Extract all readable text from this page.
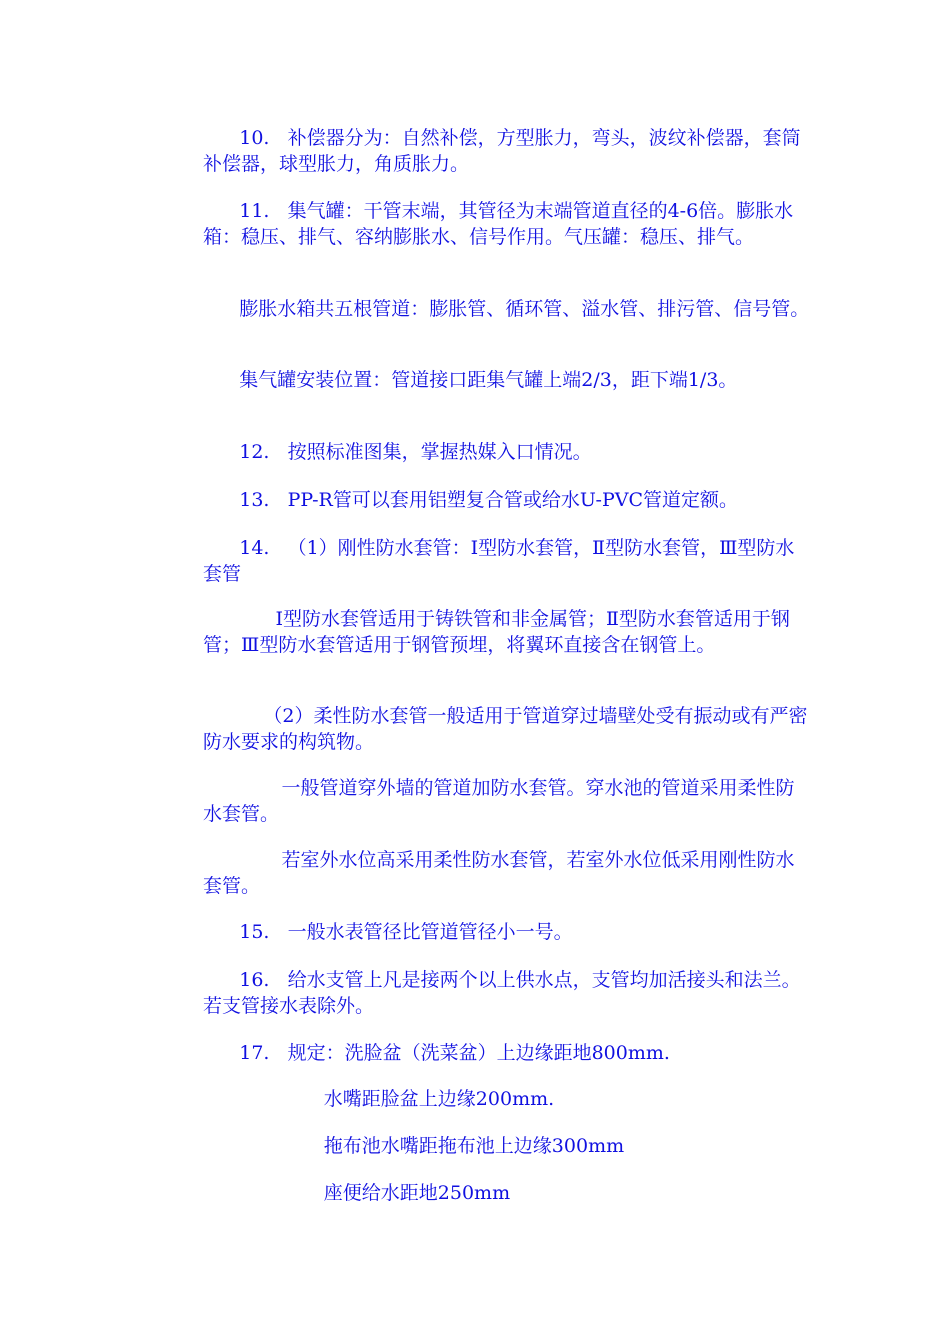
10.   补偿器分为：自然补偿，方型胀力，弯头，波纹补偿器，套筒补偿器，球型胀力，角质胀力。

11.   集气罐：干管末端，其管径为末端管道直径的4-6倍。膨胀水箱：稳压、排气、容纳膨胀水、信号作用。气压罐：稳压、排气。

膨胀水箱共五根管道：膨胀管、循环管、溢水管、排污管、信号管。

集气罐安装位置：管道接口距集气罐上端2/3，距下端1/3。

12.   按照标准图集，掌握热媒入口情况。

13.   PP-R管可以套用铝塑复合管或给水U-PVC管道定额。

14.   （1）刚性防水套管：Ⅰ型防水套管，Ⅱ型防水套管，Ⅲ型防水套管

Ⅰ型防水套管适用于铸铁管和非金属管；Ⅱ型防水套管适用于钢管；Ⅲ型防水套管适用于钢管预埋，将翼环直接含在钢管上。

（2）柔性防水套管一般适用于管道穿过墙壁处受有振动或有严密防水要求的构筑物。

一般管道穿外墙的管道加防水套管。穿水池的管道采用柔性防水套管。

若室外水位高采用柔性防水套管，若室外水位低采用刚性防水套管。

15.   一般水表管径比管道管径小一号。

16.   给水支管上凡是接两个以上供水点，支管均加活接头和法兰。若支管接水表除外。

17.   规定：洗脸盆（洗菜盆）上边缘距地800mm.

水嘴距脸盆上边缘200mm.

拖布池水嘴距拖布池上边缘300mm

座便给水距地250mm
